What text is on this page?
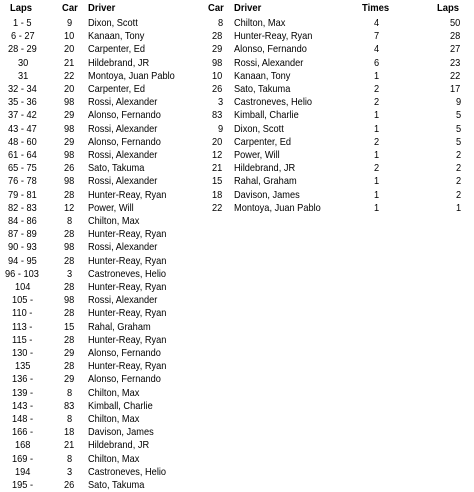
Laps	Car Driver	Car Driver	Times	Laps
1 - 5	9	Dixon, Scott
6 - 27	10	Kanaan, Tony
28 - 29	20	Carpenter, Ed
30	21	Hildebrand, JR
31	22	Montoya, Juan Pablo
32 - 34	20	Carpenter, Ed
35 - 36	98	Rossi, Alexander
37 - 42	29	Alonso, Fernando
43 - 47	98	Rossi, Alexander
48 - 60	29	Alonso, Fernando
61 - 64	98	Rossi, Alexander
65 - 75	26	Sato, Takuma
76 - 78	98	Rossi, Alexander
79 - 81	28	Hunter-Reay, Ryan
82 - 83	12	Power, Will
84 - 86	8	Chilton, Max
87 - 89	28	Hunter-Reay, Ryan
90 - 93	98	Rossi, Alexander
94 - 95	28	Hunter-Reay, Ryan
96 - 103	3	Castroneves, Helio
104	28	Hunter-Reay, Ryan
105 -	98	Rossi, Alexander
110 -	28	Hunter-Reay, Ryan
113 -	15	Rahal, Graham
115 -	28	Hunter-Reay, Ryan
130 -	29	Alonso, Fernando
135	28	Hunter-Reay, Ryan
136 -	29	Alonso, Fernando
139 -	8	Chilton, Max
143 -	83	Kimball, Charlie
148 -	8	Chilton, Max
166 -	18	Davison, James
168	21	Hildebrand, JR
169 -	8	Chilton, Max
194	3	Castroneves, Helio
195 -	26	Sato, Takuma
8 Chilton, Max	4	50
28 Hunter-Reay, Ryan	7	28
29 Alonso, Fernando	4	27
98 Rossi, Alexander	6	23
10 Kanaan, Tony	1	22
26 Sato, Takuma	2	17
3 Castroneves, Helio	2	9
83 Kimball, Charlie	1	5
9 Dixon, Scott	1	5
20 Carpenter, Ed	2	5
12 Power, Will	1	2
21 Hildebrand, JR	2	2
15 Rahal, Graham	1	2
18 Davison, James	1	2
22 Montoya, Juan Pablo	1	1
